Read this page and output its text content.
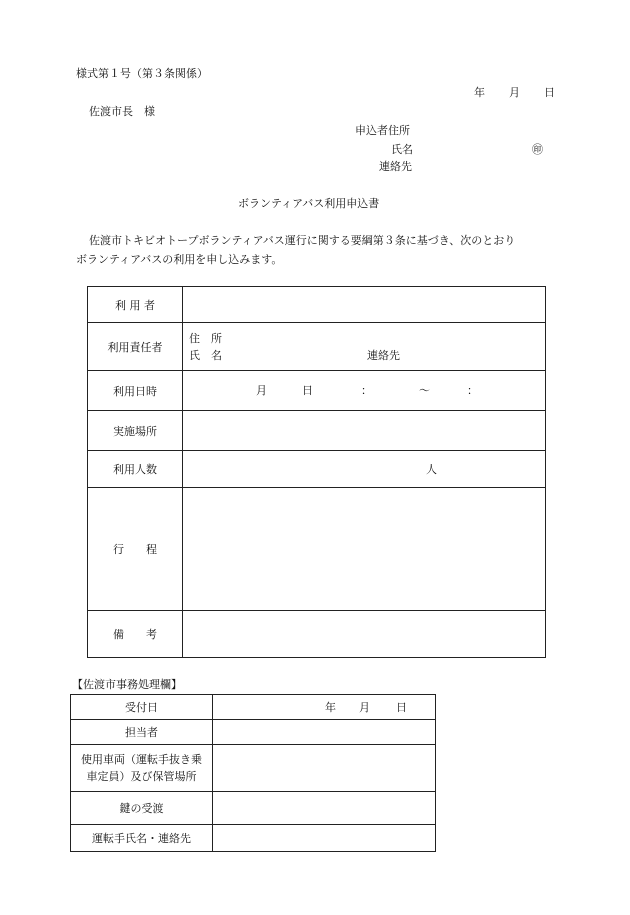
様式第１号（第３条関係）
年 月 日
佐渡市長　様
申込者住所
氏名	㊞
連絡先
ボランティアバス利用申込書
佐渡市トキビオトープボランティアバス運行に関する要綱第３条に基づき、次のとおり
ボランティアバスの利用を申し込みます。
利 用 者	
利用責任者	住　所
氏　名 連絡先

利用日時	月 日 ： ～ ：

実施場所	
利用人数	人

行　　程	
備　　考	
【佐渡市事務処理欄】
受付日	年 月 日

担当者	

使用車両（運転手抜き乗
車定員）及び保管場所	

鍵の受渡	
運転手氏名・連絡先	
